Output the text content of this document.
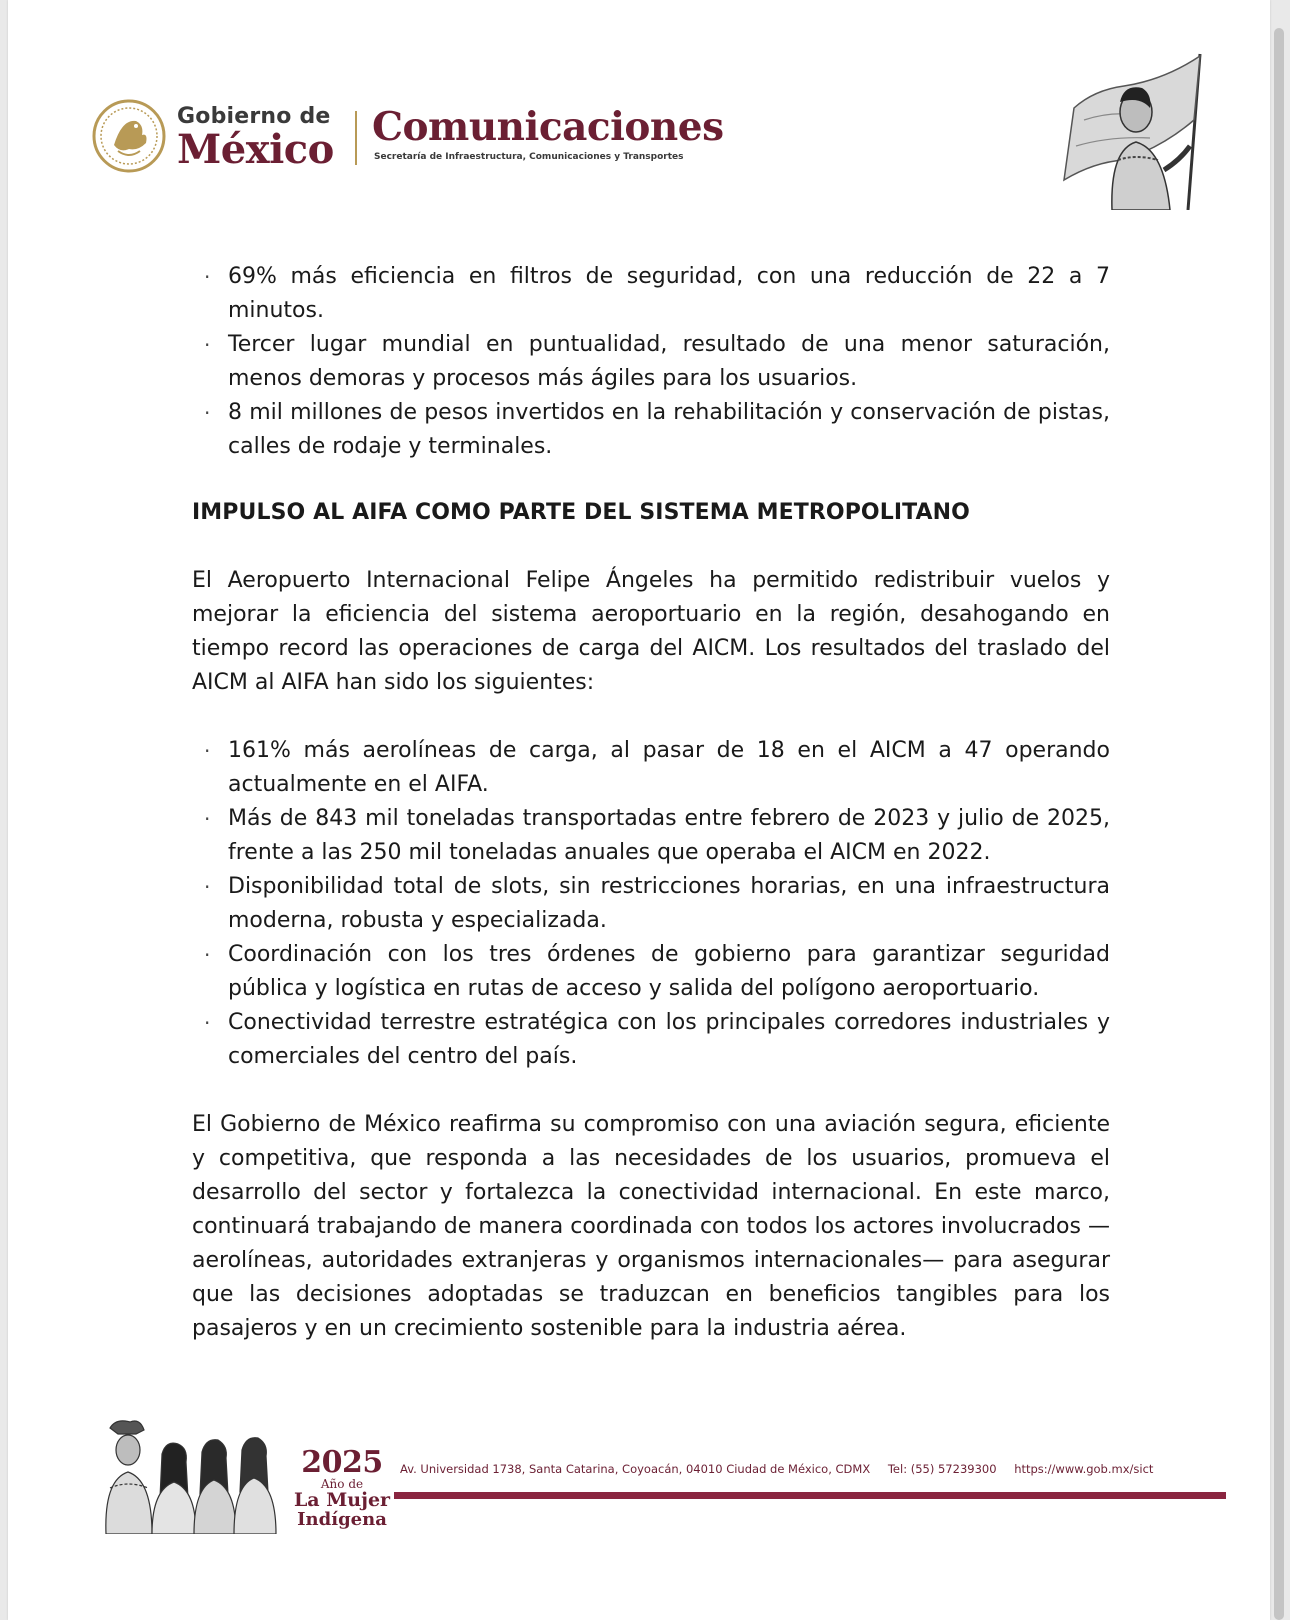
Gobierno de
México Comunicaciones
Secretaría de Infraestructura, Comunicaciones y Transportes
· 69% más eficiencia en filtros de seguridad, con una reducción de 22 a 7 minutos.
· Tercer lugar mundial en puntualidad, resultado de una menor saturación, menos demoras y procesos más ágiles para los usuarios.
· 8 mil millones de pesos invertidos en la rehabilitación y conservación de pistas, calles de rodaje y terminales.
IMPULSO AL AIFA COMO PARTE DEL SISTEMA METROPOLITANO

El Aeropuerto Internacional Felipe Ángeles ha permitido redistribuir vuelos y mejorar la eficiencia del sistema aeroportuario en la región, desahogando en tiempo record las operaciones de carga del AICM. Los resultados del traslado del AICM al AIFA han sido los siguientes:

· 161% más aerolíneas de carga, al pasar de 18 en el AICM a 47 operando actualmente en el AIFA.
· Más de 843 mil toneladas transportadas entre febrero de 2023 y julio de 2025, frente a las 250 mil toneladas anuales que operaba el AICM en 2022.
· Disponibilidad total de slots, sin restricciones horarias, en una infraestructura moderna, robusta y especializada.
· Coordinación con los tres órdenes de gobierno para garantizar seguridad pública y logística en rutas de acceso y salida del polígono aeroportuario.
· Conectividad terrestre estratégica con los principales corredores industriales y comerciales del centro del país.

El Gobierno de México reafirma su compromiso con una aviación segura, eficiente y competitiva, que responda a las necesidades de los usuarios, promueva el desarrollo del sector y fortalezca la conectividad internacional. En este marco, continuará trabajando de manera coordinada con todos los actores involucrados —aerolíneas, autoridades extranjeras y organismos internacionales— para asegurar que las decisiones adoptadas se traduzcan en beneficios tangibles para los pasajeros y en un crecimiento sostenible para la industria aérea.

2025
Año de
La Mujer
Indígena
Av. Universidad 1738, Santa Catarina, Coyoacán, 04010 Ciudad de México, CDMX Tel: (55) 57239300 https://www.gob.mx/sict
